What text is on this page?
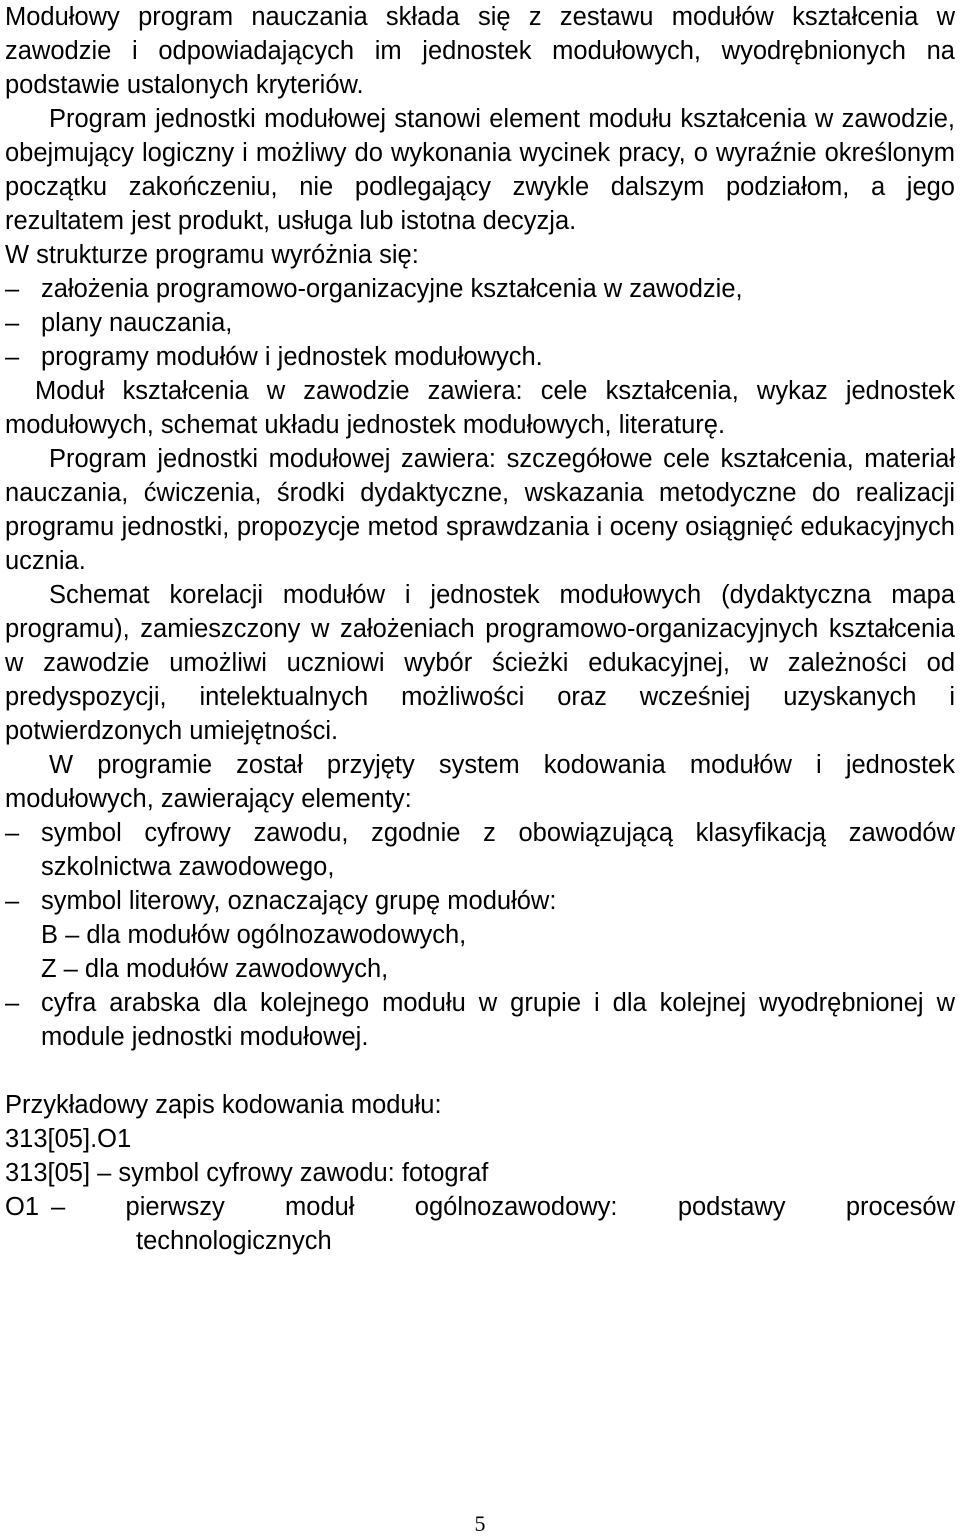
Modułowy program nauczania składa się z zestawu modułów kształcenia w zawodzie i odpowiadających im jednostek modułowych, wyodrębnionych na podstawie ustalonych kryteriów.

Program jednostki modułowej stanowi element modułu kształcenia w zawodzie, obejmujący logiczny i możliwy do wykonania wycinek pracy, o wyraźnie określonym początku zakończeniu, nie podlegający zwykle dalszym podziałom, a jego rezultatem jest produkt, usługa lub istotna decyzja.

W strukturze programu wyróżnia się:

– założenia programowo-organizacyjne kształcenia w zawodzie,
– plany nauczania,
– programy modułów i jednostek modułowych.

Moduł kształcenia w zawodzie zawiera: cele kształcenia, wykaz jednostek modułowych, schemat układu jednostek modułowych, literaturę.

Program jednostki modułowej zawiera: szczegółowe cele kształcenia, materiał nauczania, ćwiczenia, środki dydaktyczne, wskazania metodyczne do realizacji programu jednostki, propozycje metod sprawdzania i oceny osiągnięć edukacyjnych ucznia.

Schemat korelacji modułów i jednostek modułowych (dydaktyczna mapa programu), zamieszczony w założeniach programowo-organizacyjnych kształcenia w zawodzie umożliwi uczniowi wybór ścieżki edukacyjnej, w zależności od predyspozycji, intelektualnych możliwości oraz wcześniej uzyskanych i potwierdzonych umiejętności.

W programie został przyjęty system kodowania modułów i jednostek modułowych, zawierający elementy:

– symbol cyfrowy zawodu, zgodnie z obowiązującą klasyfikacją zawodów szkolnictwa zawodowego,
– symbol literowy, oznaczający grupę modułów:
B – dla modułów ogólnozawodowych,
Z – dla modułów zawodowych,
– cyfra arabska dla kolejnego modułu w grupie i dla kolejnej wyodrębnionej w module jednostki modułowej.

Przykładowy zapis kodowania modułu:

313[05].O1

313[05] – symbol cyfrowy zawodu: fotograf

O1 – pierwszy moduł ogólnozawodowy: podstawy procesów
technologicznych
5
